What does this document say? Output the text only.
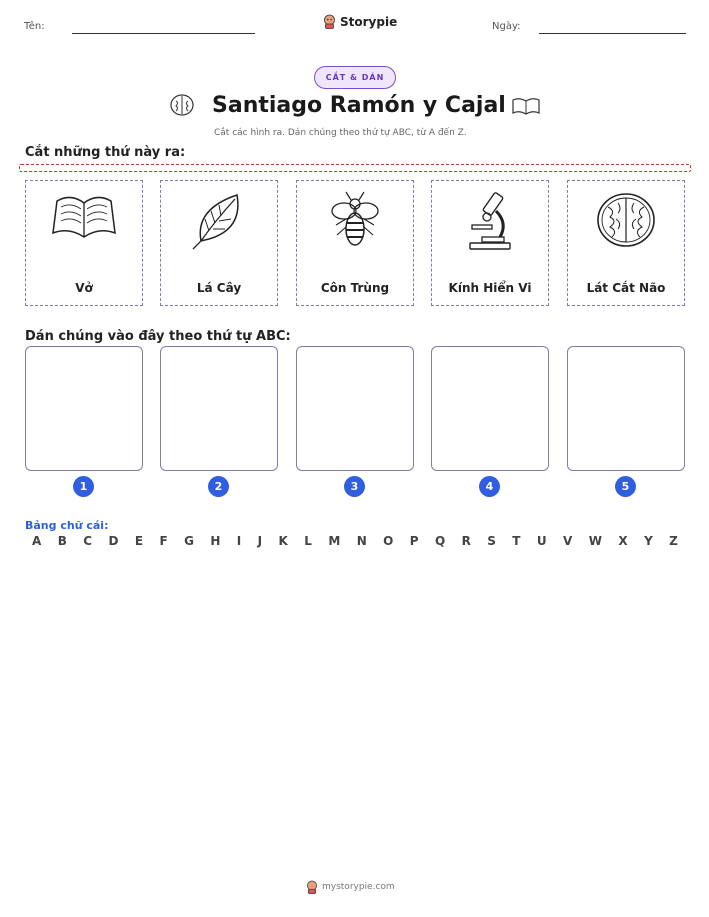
Tên:	Storypie	Ngày:
CẮT & DÁN
Santiago Ramón y Cajal
Cắt các hình ra. Dán chúng theo thứ tự ABC, từ A đến Z.
Cắt những thứ này ra:
Vở	Lá Cây	Côn Trùng	Kính Hiển Vi	Lát Cắt Não
Dán chúng vào đây theo thứ tự ABC:
1	2	3	4	5
Bảng chữ cái:
A B C D E F G H I J K L M N O P Q R S T U V W X Y Z
mystorypie.com
